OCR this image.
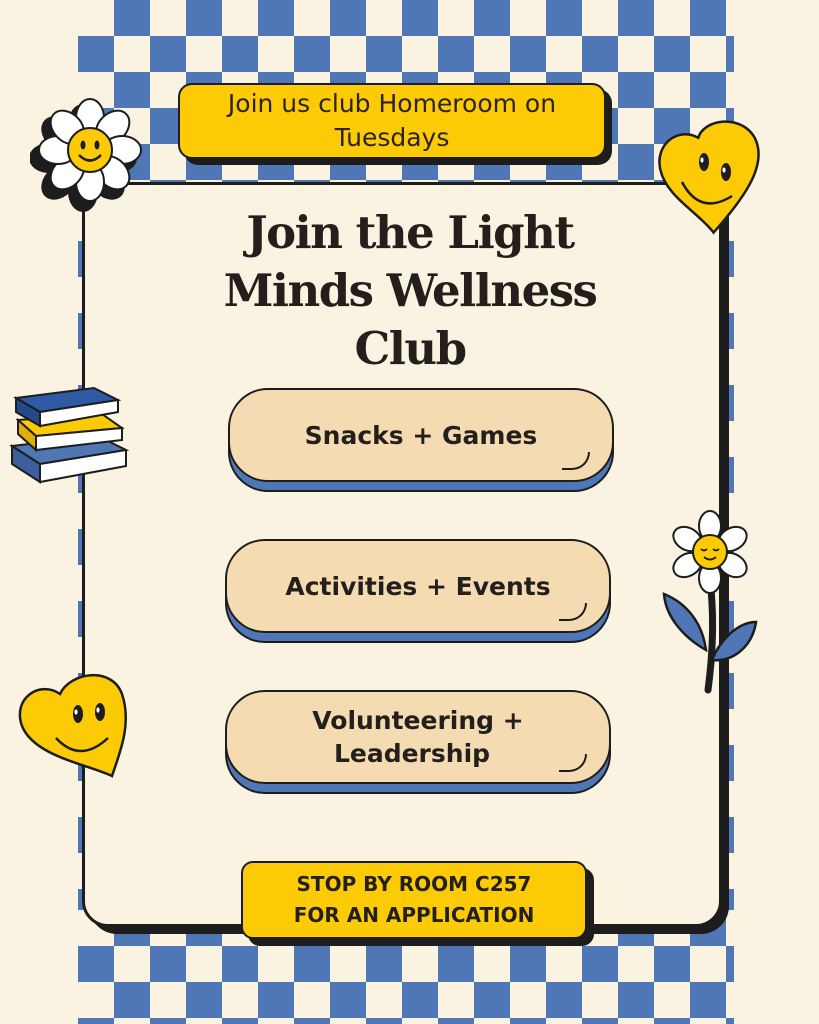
Join us club Homeroom on Tuesdays
Join the Light
Minds Wellness
Club
Snacks + Games
Activities + Events
Volunteering +
Leadership
STOP BY ROOM C257
FOR AN APPLICATION
